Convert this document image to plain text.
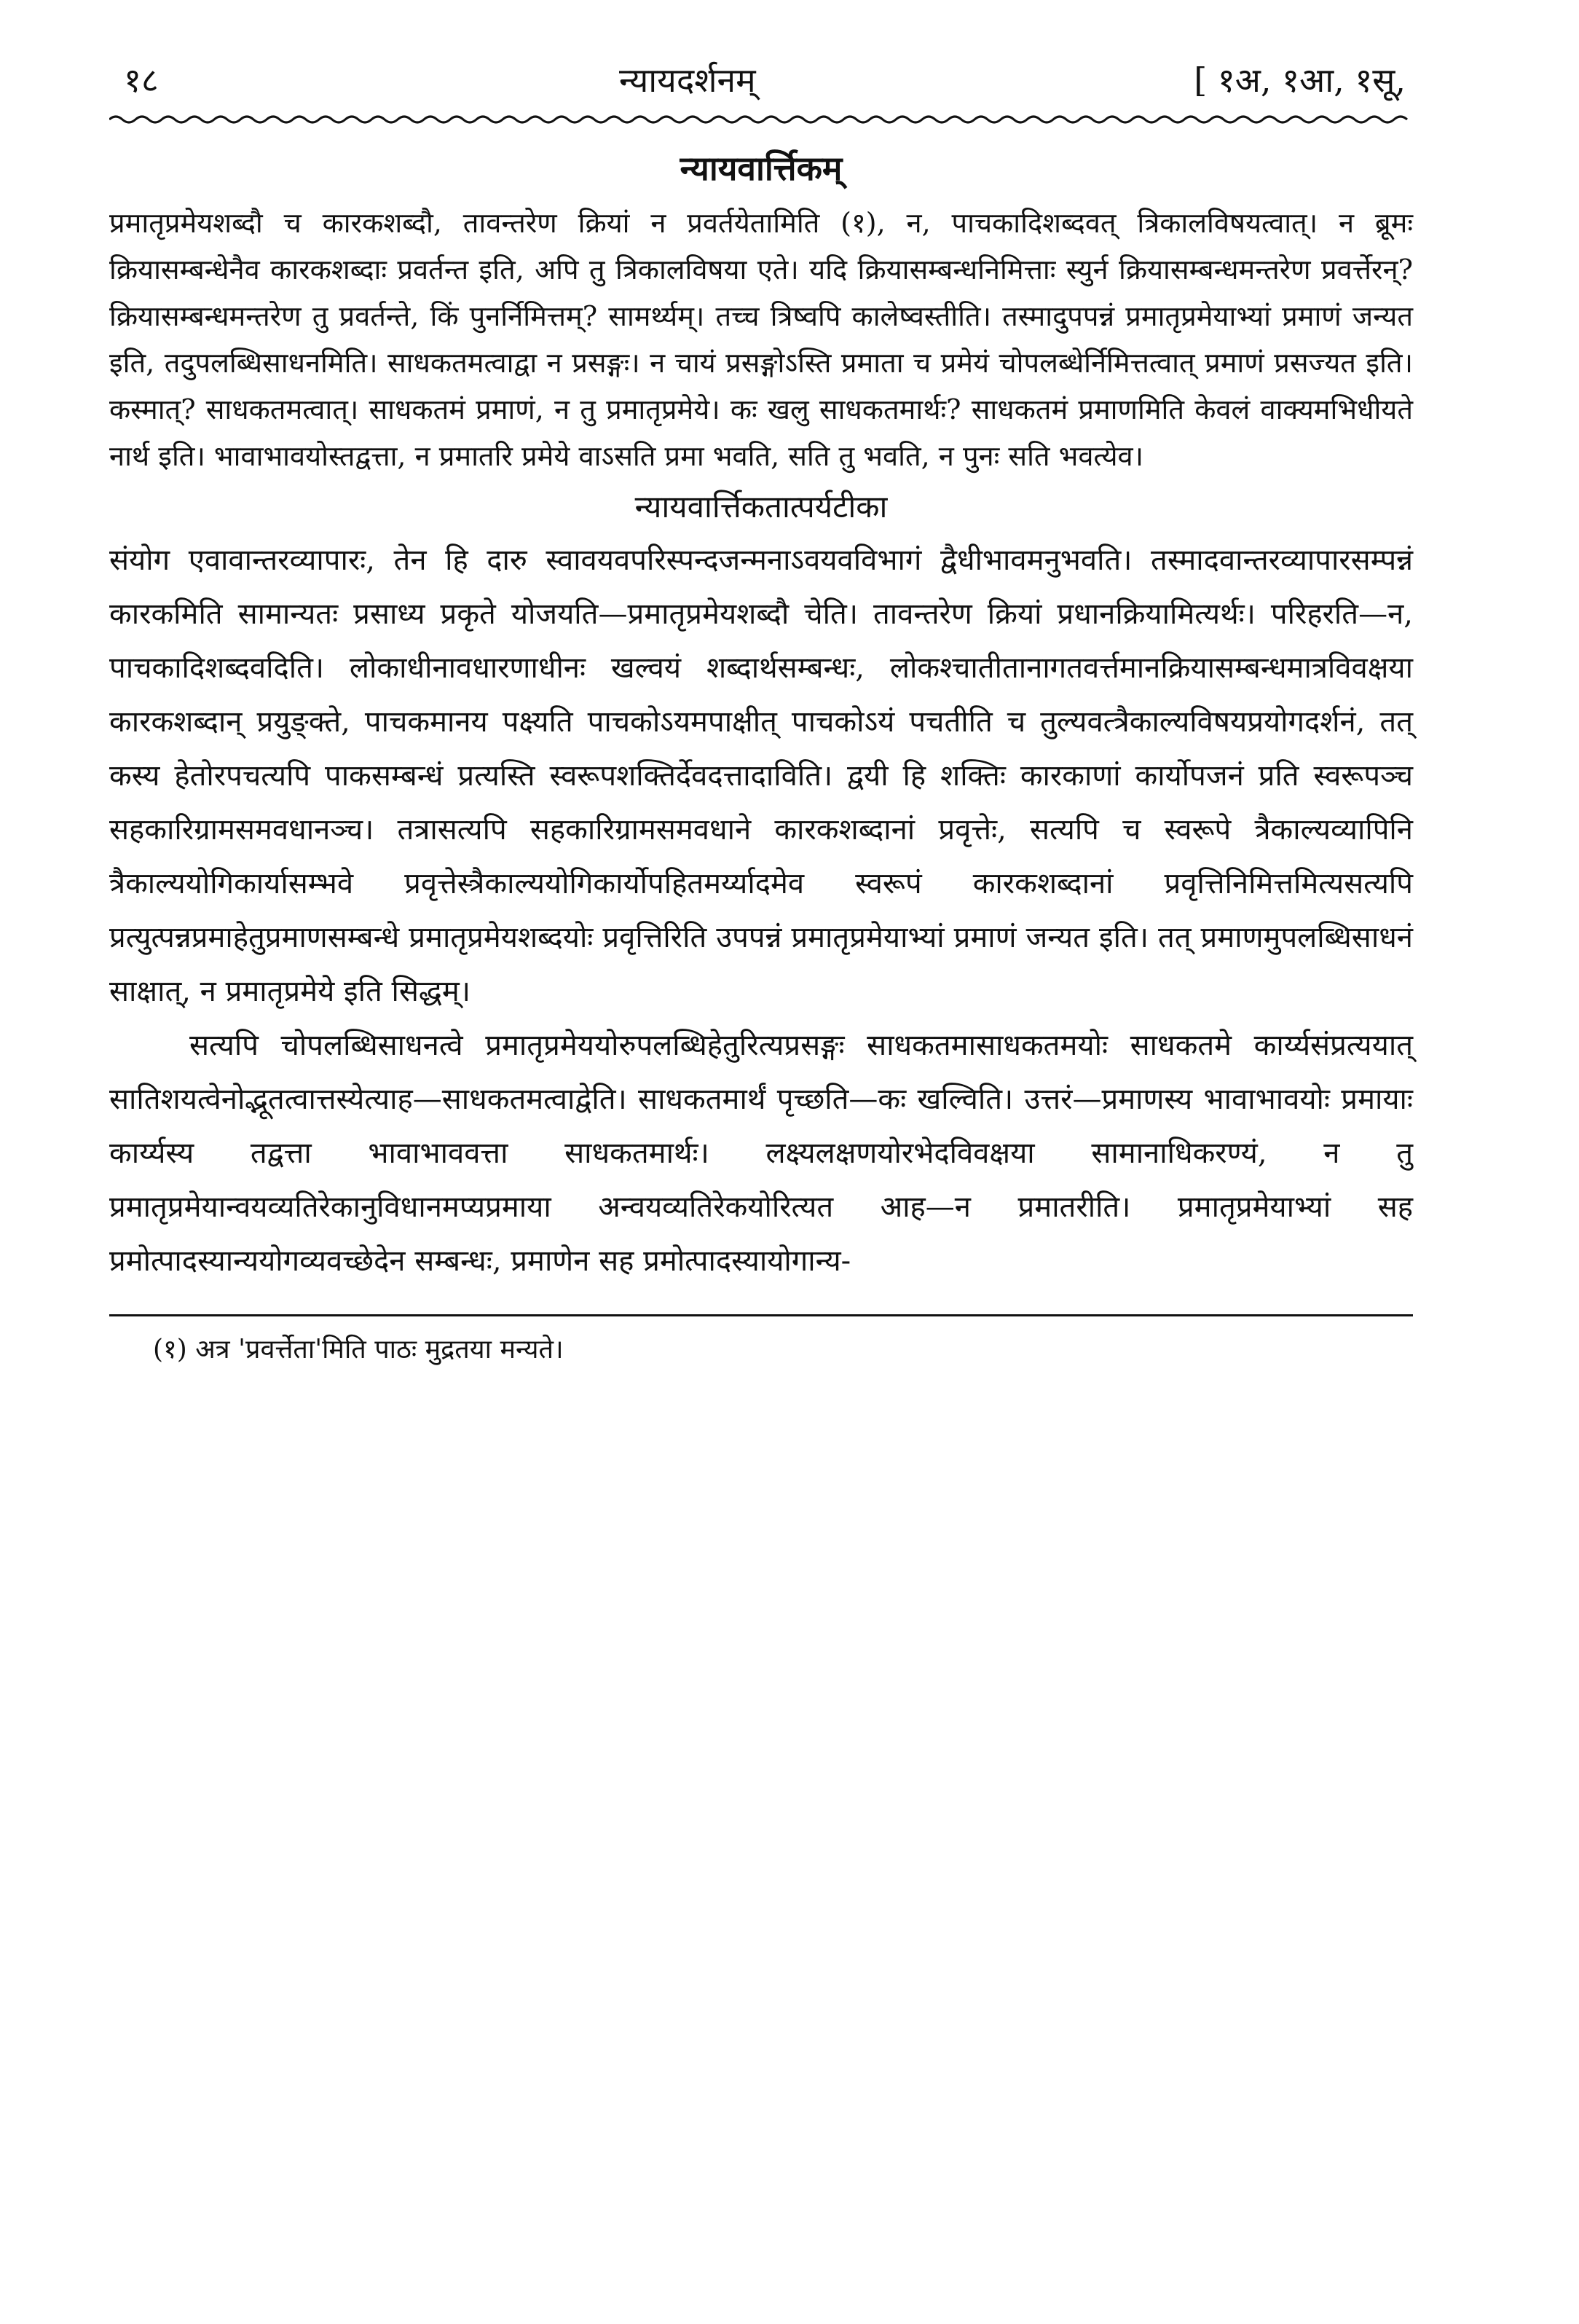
१८	न्यायदर्शनम्	[ १अ, १आ, १सू,
न्यायवार्त्तिकम्

प्रमातृप्रमेयशब्दौ च कारकशब्दौ, तावन्तरेण क्रियां न प्रवर्तयेतामिति (१), न, पाचकादिशब्दवत् त्रिकालविषयत्वात्। न ब्रूमः क्रियासम्बन्धेनैव कारकशब्दाः प्रवर्तन्त इति, अपि तु त्रिकालविषया एते। यदि क्रियासम्बन्धनिमित्ताः स्युर्न क्रियासम्बन्धमन्तरेण प्रवर्त्तेरन्? क्रियासम्बन्धमन्तरेण तु प्रवर्तन्ते, किं पुनर्निमित्तम्? सामर्थ्यम्। तच्च त्रिष्वपि कालेष्वस्तीति। तस्मादुपपन्नं प्रमातृप्रमेयाभ्यां प्रमाणं जन्यत इति, तदुपलब्धिसाधनमिति। साधकतमत्वाद्वा न प्रसङ्गः। न चायं प्रसङ्गोऽस्ति प्रमाता च प्रमेयं चोपलब्धेर्निमित्तत्वात् प्रमाणं प्रसज्यत इति। कस्मात्? साधकतमत्वात्। साधकतमं प्रमाणं, न तु प्रमातृप्रमेये। कः खलु साधकतमार्थः? साधकतमं प्रमाणमिति केवलं वाक्यमभिधीयते नार्थ इति। भावाभावयोस्तद्वत्ता, न प्रमातरि प्रमेये वाऽसति प्रमा भवति, सति तु भवति, न पुनः सति भवत्येव।

न्यायवार्त्तिकतात्पर्यटीका

संयोग एवावान्तरव्यापारः, तेन हि दारु स्वावयवपरिस्पन्दजन्मनाऽवयवविभागं द्वैधीभावमनुभवति। तस्मादवान्तरव्यापारसम्पन्नं कारकमिति सामान्यतः प्रसाध्य प्रकृते योजयति—प्रमातृप्रमेयशब्दौ चेति। तावन्तरेण क्रियां प्रधानक्रियामित्यर्थः। परिहरति—न, पाचकादिशब्दवदिति। लोकाधीनावधारणाधीनः खल्वयं शब्दार्थसम्बन्धः, लोकश्चातीतानागतवर्त्तमानक्रियासम्बन्धमात्रविवक्षया कारकशब्दान् प्रयुङ्क्ते, पाचकमानय पक्ष्यति पाचकोऽयमपाक्षीत् पाचकोऽयं पचतीति च तुल्यवत्त्रैकाल्यविषयप्रयोगदर्शनं, तत् कस्य हेतोरपचत्यपि पाकसम्बन्धं प्रत्यस्ति स्वरूपशक्तिर्देवदत्तादाविति। द्वयी हि शक्तिः कारकाणां कार्योपजनं प्रति स्वरूपञ्च सहकारिग्रामसमवधानञ्च। तत्रासत्यपि सहकारिग्रामसमवधाने कारकशब्दानां प्रवृत्तेः, सत्यपि च स्वरूपे त्रैकाल्यव्यापिनि त्रैकाल्ययोगिकार्यासम्भवे प्रवृत्तेस्त्रैकाल्ययोगिकार्योपहितमर्य्यादमेव स्वरूपं कारकशब्दानां प्रवृत्तिनिमित्तमित्यसत्यपि प्रत्युत्पन्नप्रमाहेतुप्रमाणसम्बन्धे प्रमातृप्रमेयशब्दयोः प्रवृत्तिरिति उपपन्नं प्रमातृप्रमेयाभ्यां प्रमाणं जन्यत इति। तत् प्रमाणमुपलब्धिसाधनं साक्षात्, न प्रमातृप्रमेये इति सिद्धम्।

सत्यपि चोपलब्धिसाधनत्वे प्रमातृप्रमेययोरुपलब्धिहेतुरित्यप्रसङ्गः साधकतमासाधकतमयोः साधकतमे कार्य्यसंप्रत्ययात् सातिशयत्वेनोद्भूतत्वात्तस्येत्याह—साधकतमत्वाद्वेति। साधकतमार्थं पृच्छति—कः खल्विति। उत्तरं—प्रमाणस्य भावाभावयोः प्रमायाः कार्य्यस्य तद्वत्ता भावाभाववत्ता साधकतमार्थः। लक्ष्यलक्षणयोरभेदविवक्षया सामानाधिकरण्यं, न तु प्रमातृप्रमेयान्वयव्यतिरेकानुविधानमप्यप्रमाया अन्वयव्यतिरेकयोरित्यत आह—न प्रमातरीति। प्रमातृप्रमेयाभ्यां सह प्रमोत्पादस्यान्ययोगव्यवच्छेदेन सम्बन्धः, प्रमाणेन सह प्रमोत्पादस्यायोगान्य-

(१) अत्र 'प्रवर्त्तेता'मिति पाठः मुद्रतया मन्यते।
